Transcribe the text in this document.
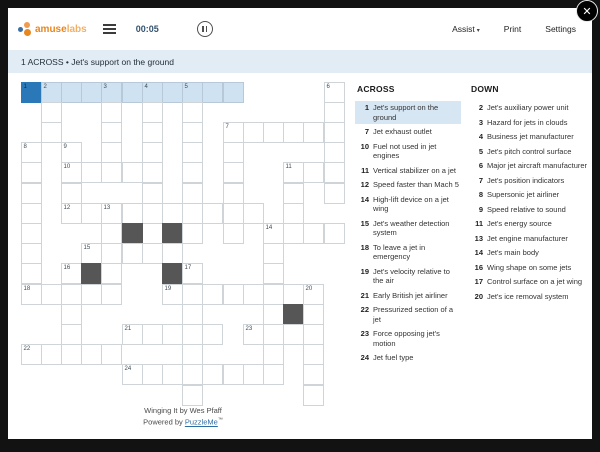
amuselabs	00:05	Assist ▾	Print	Settings
1 ACROSS • Jet's support on the ground
1	2	3	4	5	6
7
8	9
10	11
12	13
14
15
16	17
18	19	20
21	23
22
24
ACROSS
1 Jet's support on the ground
7 Jet exhaust outlet
10 Fuel not used in jet engines
11 Vertical stabilizer on a jet
12 Speed faster than Mach 5
14 High-lift device on a jet wing
15 Jet's weather detection system
18 To leave a jet in emergency
19 Jet's velocity relative to the air
21 Early British jet airliner
22 Pressurized section of a jet
23 Force opposing jet's motion
24 Jet fuel type
DOWN
2 Jet's auxiliary power unit
3 Hazard for jets in clouds
4 Business jet manufacturer
5 Jet's pitch control surface
6 Major jet aircraft manufacturer
7 Jet's position indicators
8 Supersonic jet airliner
9 Speed relative to sound
11 Jet's energy source
13 Jet engine manufacturer
14 Jet's main body
16 Wing shape on some jets
17 Control surface on a jet wing
20 Jet's ice removal system
Winging It by Wes Pfaff
Powered by PuzzleMe™
✕
